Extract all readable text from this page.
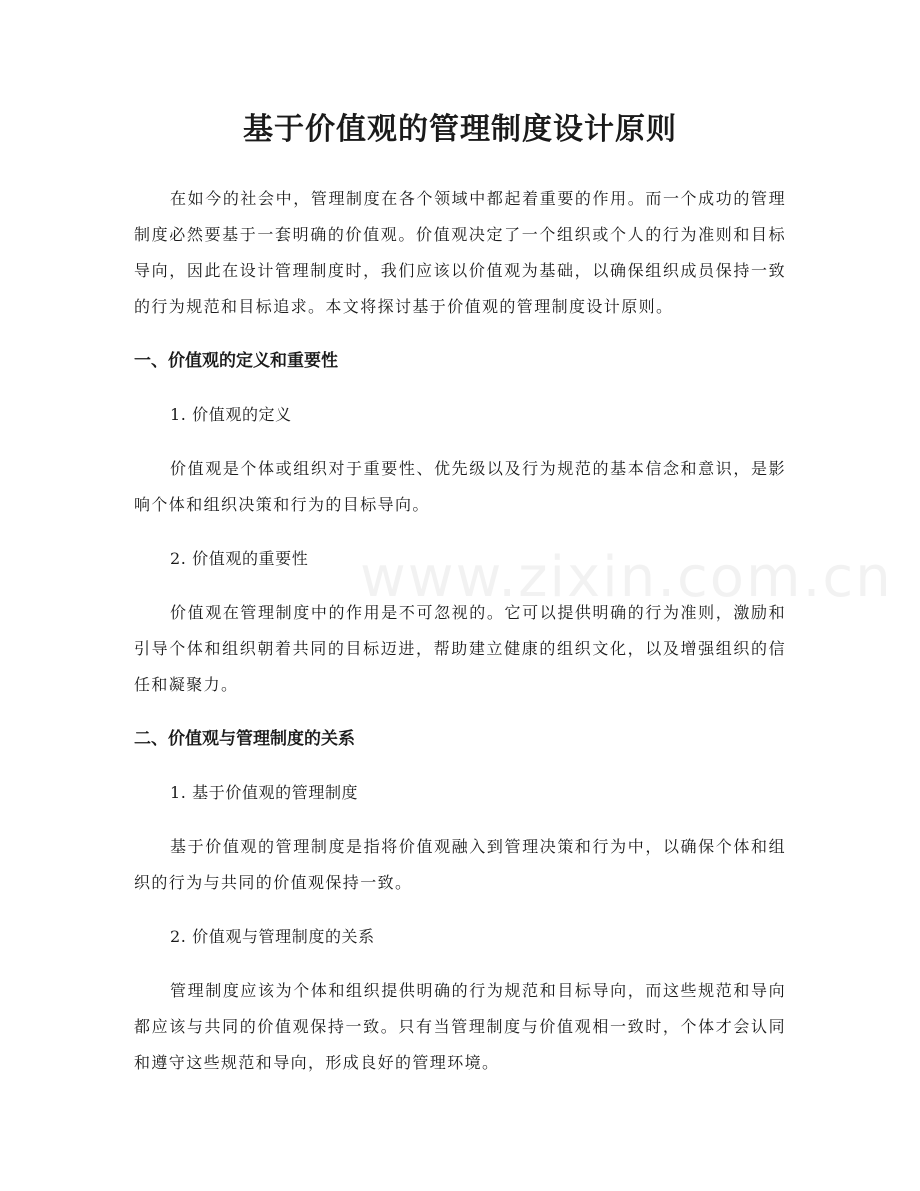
www.zixin.com.cn
基于价值观的管理制度设计原则

在如今的社会中，管理制度在各个领域中都起着重要的作用。而一个成功的管理制度必然要基于一套明确的价值观。价值观决定了一个组织或个人的行为准则和目标导向，因此在设计管理制度时，我们应该以价值观为基础，以确保组织成员保持一致的行为规范和目标追求。本文将探讨基于价值观的管理制度设计原则。

一、价值观的定义和重要性

1. 价值观的定义

价值观是个体或组织对于重要性、优先级以及行为规范的基本信念和意识，是影响个体和组织决策和行为的目标导向。

2. 价值观的重要性

价值观在管理制度中的作用是不可忽视的。它可以提供明确的行为准则，激励和引导个体和组织朝着共同的目标迈进，帮助建立健康的组织文化，以及增强组织的信任和凝聚力。

二、价值观与管理制度的关系

1. 基于价值观的管理制度

基于价值观的管理制度是指将价值观融入到管理决策和行为中，以确保个体和组织的行为与共同的价值观保持一致。

2. 价值观与管理制度的关系

管理制度应该为个体和组织提供明确的行为规范和目标导向，而这些规范和导向都应该与共同的价值观保持一致。只有当管理制度与价值观相一致时，个体才会认同和遵守这些规范和导向，形成良好的管理环境。
